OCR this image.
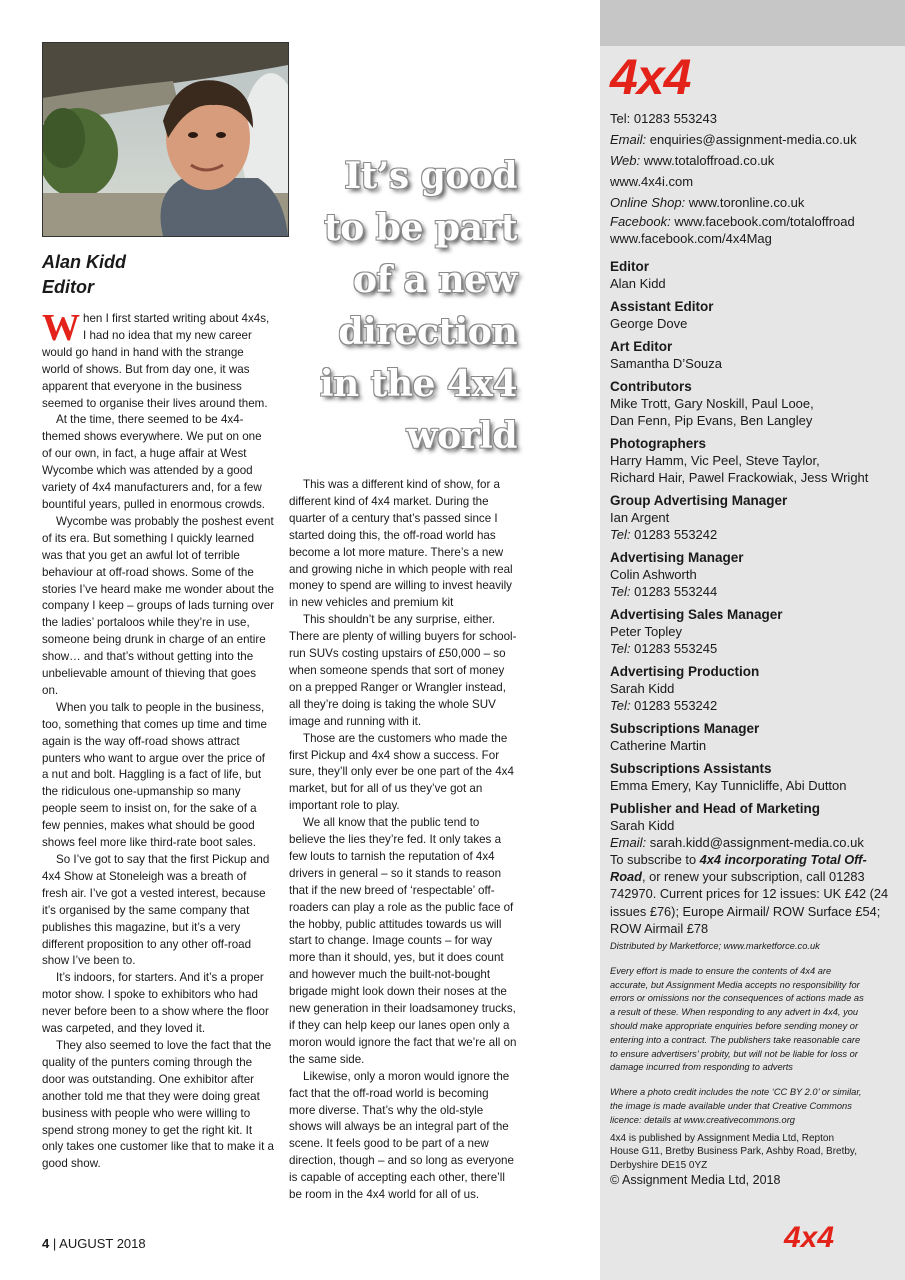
4x4
Tel: 01283 553243
Email: enquiries@assignment-media.co.uk
Web: www.totaloffroad.co.uk
www.4x4i.com
Online Shop: www.toronline.co.uk
Facebook: www.facebook.com/totaloffroad
www.facebook.com/4x4Mag
Editor
Alan Kidd
Assistant Editor
George Dove
Art Editor
Samantha D’Souza
Contributors
Mike Trott, Gary Noskill, Paul Looe,
Dan Fenn, Pip Evans, Ben Langley
Photographers
Harry Hamm, Vic Peel, Steve Taylor,
Richard Hair, Pawel Frackowiak, Jess Wright
Group Advertising Manager
Ian Argent
Tel: 01283 553242
Advertising Manager
Colin Ashworth
Tel: 01283 553244
Advertising Sales Manager
Peter Topley
Tel: 01283 553245
Advertising Production
Sarah Kidd
Tel: 01283 553242
Subscriptions Manager
Catherine Martin
Subscriptions Assistants
Emma Emery, Kay Tunnicliffe, Abi Dutton
Publisher and Head of Marketing
Sarah Kidd
Email: sarah.kidd@assignment-media.co.uk
To subscribe to 4x4 incorporating Total Off-Road, or renew your subscription, call 01283 742970. Current prices for 12 issues: UK £42 (24 issues £76); Europe Airmail/ ROW Surface £54; ROW Airmail £78

Distributed by Marketforce; www.marketforce.co.uk

Every effort is made to ensure the contents of 4x4 are accurate, but Assignment Media accepts no responsibility for errors or omissions nor the consequences of actions made as a result of these. When responding to any advert in 4x4, you should make appropriate enquiries before sending money or entering into a contract. The publishers take reasonable care to ensure advertisers’ probity, but will not be liable for loss or damage incurred from responding to adverts

Where a photo credit includes the note ‘CC BY 2.0’ or similar, the image is made available under that Creative Commons licence: details at www.creativecommons.org

4x4 is published by Assignment Media Ltd, Repton House G11, Bretby Business Park, Ashby Road, Bretby, Derbyshire DE15 0YZ

© Assignment Media Ltd, 2018
Alan Kidd
Editor
It’s good
to be part
of a new
direction
in the 4x4
world

When I first started writing about 4x4s, I had no idea that my new career would go hand in hand with the strange world of shows. But from day one, it was apparent that everyone in the business seemed to organise their lives around them.

At the time, there seemed to be 4x4-themed shows everywhere. We put on one of our own, in fact, a huge affair at West Wycombe which was attended by a good variety of 4x4 manufacturers and, for a few bountiful years, pulled in enormous crowds.

Wycombe was probably the poshest event of its era. But something I quickly learned was that you get an awful lot of terrible behaviour at off-road shows. Some of the stories I’ve heard make me wonder about the company I keep – groups of lads turning over the ladies’ portaloos while they’re in use, someone being drunk in charge of an entire show… and that’s without getting into the unbelievable amount of thieving that goes on.

When you talk to people in the business, too, something that comes up time and time again is the way off-road shows attract punters who want to argue over the price of a nut and bolt. Haggling is a fact of life, but the ridiculous one-upmanship so many people seem to insist on, for the sake of a few pennies, makes what should be good shows feel more like third-rate boot sales.

So I’ve got to say that the first Pickup and 4x4 Show at Stoneleigh was a breath of fresh air. I’ve got a vested interest, because it’s organised by the same company that publishes this magazine, but it’s a very different proposition to any other off-road show I’ve been to.

It’s indoors, for starters. And it’s a proper motor show. I spoke to exhibitors who had never before been to a show where the floor was carpeted, and they loved it.

They also seemed to love the fact that the quality of the punters coming through the door was outstanding. One exhibitor after another told me that they were doing great business with people who were willing to spend strong money to get the right kit. It only takes one customer like that to make it a good show.

This was a different kind of show, for a different kind of 4x4 market. During the quarter of a century that’s passed since I started doing this, the off-road world has become a lot more mature. There’s a new and growing niche in which people with real money to spend are willing to invest heavily in new vehicles and premium kit

This shouldn’t be any surprise, either. There are plenty of willing buyers for school-run SUVs costing upstairs of £50,000 – so when someone spends that sort of money on a prepped Ranger or Wrangler instead, all they’re doing is taking the whole SUV image and running with it.

Those are the customers who made the first Pickup and 4x4 show a success. For sure, they’ll only ever be one part of the 4x4 market, but for all of us they’ve got an important role to play.

We all know that the public tend to believe the lies they’re fed. It only takes a few louts to tarnish the reputation of 4x4 drivers in general – so it stands to reason that if the new breed of ‘respectable’ off-roaders can play a role as the public face of the hobby, public attitudes towards us will start to change. Image counts – for way more than it should, yes, but it does count and however much the built-not-bought brigade might look down their noses at the new generation in their loadsamoney trucks, if they can help keep our lanes open only a moron would ignore the fact that we’re all on the same side.

Likewise, only a moron would ignore the fact that the off-road world is becoming more diverse. That’s why the old-style shows will always be an integral part of the scene. It feels good to be part of a new direction, though – and so long as everyone is capable of accepting each other, there’ll be room in the 4x4 world for all of us.

4 | AUGUST 2018	4x4
